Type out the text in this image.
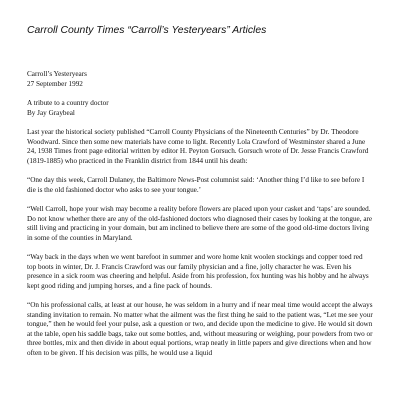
Carroll County Times “Carroll’s Yesteryears” Articles

Carroll’s Yesteryears

27 September 1992

A tribute to a country doctor

By Jay Graybeal

Last year the historical society published “Carroll County Physicians of the Nineteenth Centuries” by Dr. Theodore Woodward. Since then some new materials have come to light. Recently Lola Crawford of Westminster shared a June 24, 1938 Times front page editorial written by editor H. Peyton Gorsuch. Gorsuch wrote of Dr. Jesse Francis Crawford (1819-1885) who practiced in the Franklin district from 1844 until his death:

“One day this week, Carroll Dulaney, the Baltimore News-Post columnist said: ‘Another thing I’d like to see before I die is the old fashioned doctor who asks to see your tongue.’

“Well Carroll, hope your wish may become a reality before flowers are placed upon your casket and ‘taps’ are sounded. Do not know whether there are any of the old-fashioned doctors who diagnosed their cases by looking at the tongue, are still living and practicing in your domain, but am inclined to believe there are some of the good old-time doctors living in some of the counties in Maryland.

“Way back in the days when we went barefoot in summer and wore home knit woolen stockings and copper toed red top boots in winter, Dr. J. Francis Crawford was our family physician and a fine, jolly character he was. Even his presence in a sick room was cheering and helpful. Aside from his profession, fox hunting was his hobby and he always kept good riding and jumping horses, and a fine pack of hounds.

“On his professional calls, at least at our house, he was seldom in a hurry and if near meal time would accept the always standing invitation to remain. No matter what the ailment was the first thing he said to the patient was, “Let me see your tongue,” then he would feel your pulse, ask a question or two, and decide upon the medicine to give. He would sit down at the table, open his saddle bags, take out some bottles, and, without measuring or weighing, pour powders from two or three bottles, mix and then divide in about equal portions, wrap neatly in little papers and give directions when and how often to be given. If his decision was pills, he would use a liquid
